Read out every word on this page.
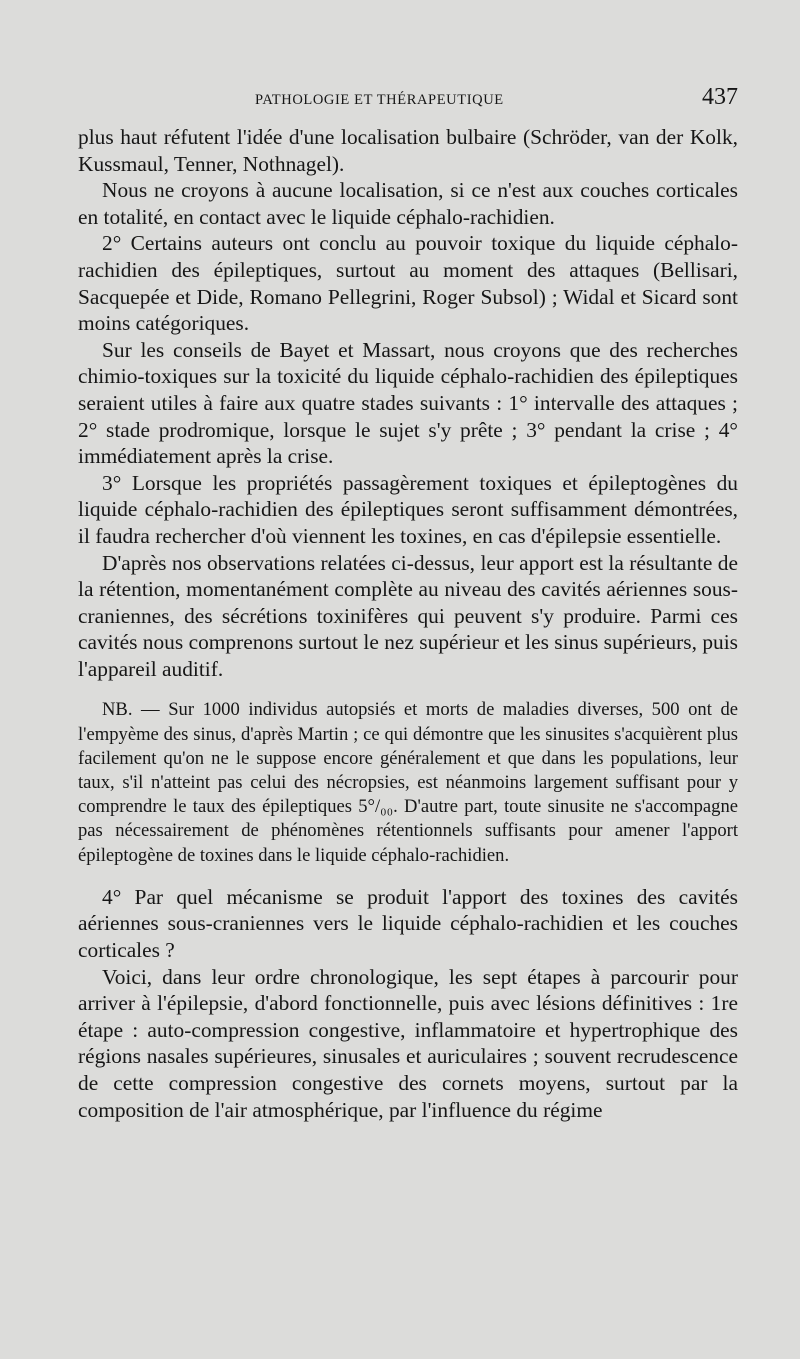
PATHOLOGIE ET THÉRAPEUTIQUE	437

plus haut réfutent l'idée d'une localisation bulbaire (Schröder, van der Kolk, Kussmaul, Tenner, Nothnagel).

Nous ne croyons à aucune localisation, si ce n'est aux couches corticales en totalité, en contact avec le liquide céphalo-rachidien.

2° Certains auteurs ont conclu au pouvoir toxique du liquide céphalo-rachidien des épileptiques, surtout au moment des attaques (Bellisari, Sacquepée et Dide, Romano Pellegrini, Roger Subsol) ; Widal et Sicard sont moins catégoriques.

Sur les conseils de Bayet et Massart, nous croyons que des recherches chimio-toxiques sur la toxicité du liquide céphalo-rachidien des épileptiques seraient utiles à faire aux quatre stades suivants : 1° intervalle des attaques ; 2° stade prodromique, lorsque le sujet s'y prête ; 3° pendant la crise ; 4° immédiatement après la crise.

3° Lorsque les propriétés passagèrement toxiques et épileptogènes du liquide céphalo-rachidien des épileptiques seront suffisamment démontrées, il faudra rechercher d'où viennent les toxines, en cas d'épilepsie essentielle.

D'après nos observations relatées ci-dessus, leur apport est la résultante de la rétention, momentanément complète au niveau des cavités aériennes sous-craniennes, des sécrétions toxinifères qui peuvent s'y produire. Parmi ces cavités nous comprenons surtout le nez supérieur et les sinus supérieurs, puis l'appareil auditif.

NB. — Sur 1000 individus autopsiés et morts de maladies diverses, 500 ont de l'empyème des sinus, d'après Martin ; ce qui démontre que les sinusites s'acquièrent plus facilement qu'on ne le suppose encore généralement et que dans les populations, leur taux, s'il n'atteint pas celui des nécropsies, est néanmoins largement suffisant pour y comprendre le taux des épileptiques 5°/₀₀. D'autre part, toute sinusite ne s'accompagne pas nécessairement de phénomènes rétentionnels suffisants pour amener l'apport épileptogène de toxines dans le liquide céphalo-rachidien.

4° Par quel mécanisme se produit l'apport des toxines des cavités aériennes sous-craniennes vers le liquide céphalo-rachidien et les couches corticales ?

Voici, dans leur ordre chronologique, les sept étapes à parcourir pour arriver à l'épilepsie, d'abord fonctionnelle, puis avec lésions définitives : 1re étape : auto-compression congestive, inflammatoire et hypertrophique des régions nasales supérieures, sinusales et auriculaires ; souvent recrudescence de cette compression congestive des cornets moyens, surtout par la composition de l'air atmosphérique, par l'influence du régime
